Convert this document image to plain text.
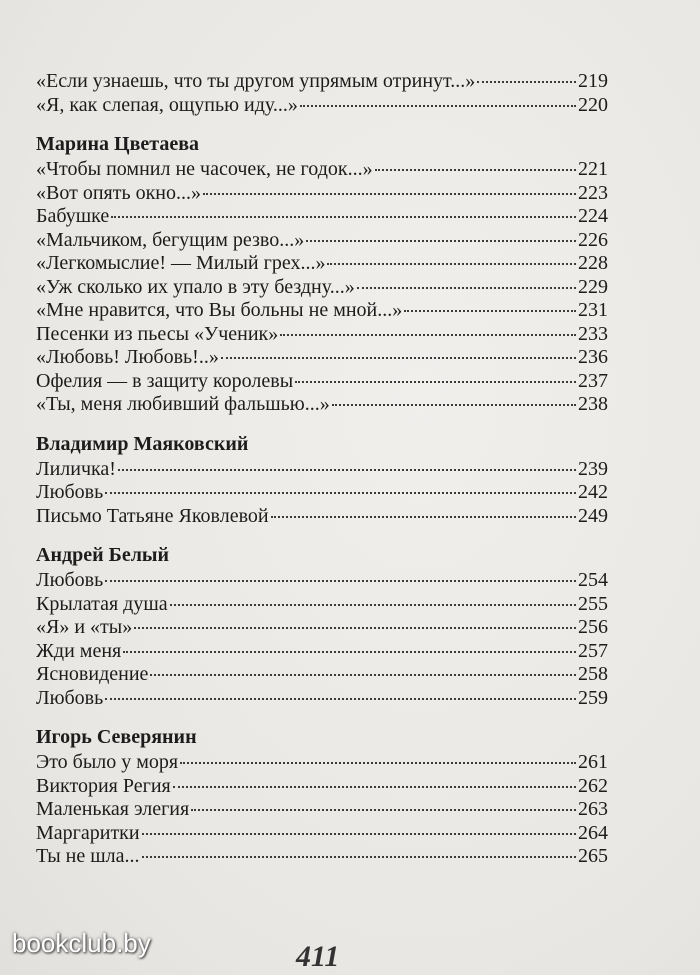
«Если узнаешь, что ты другом упрямым отринут...»	219
«Я, как слепая, ощупью иду...»	220
Марина Цветаева
«Чтобы помнил не часочек, не годок...»	221
«Вот опять окно...»	223
Бабушке	224
«Мальчиком, бегущим резво...»	226
«Легкомыслие! — Милый грех...»	228
«Уж сколько их упало в эту бездну...»	229
«Мне нравится, что Вы больны не мной...»	231
Песенки из пьесы «Ученик»	233
«Любовь! Любовь!..»	236
Офелия — в защиту королевы	237
«Ты, меня любивший фальшью...»	238
Владимир Маяковский
Лиличка!	239
Любовь	242
Письмо Татьяне Яковлевой	249
Андрей Белый
Любовь	254
Крылатая душа	255
«Я» и «ты»	256
Жди меня	257
Ясновидение	258
Любовь	259
Игорь Северянин
Это было у моря	261
Виктория Регия	262
Маленькая элегия	263
Маргаритки	264
Ты не шла...	265
411
bookclub.by
